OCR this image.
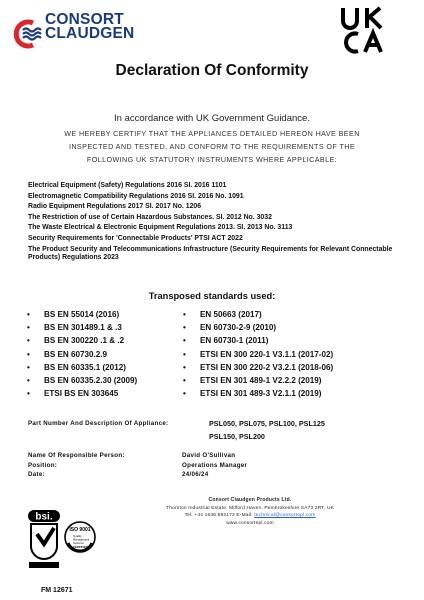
CONSORT
CLAUDGEN
Declaration Of Conformity
In accordance with UK Government Guidance.
WE HEREBY CERTIFY THAT THE APPLIANCES DETAILED HEREON HAVE BEEN
INSPECTED AND TESTED, AND CONFORM TO THE REQUIREMENTS OF THE
FOLLOWING UK STATUTORY INSTRUMENTS WHERE APPLICABLE:
Electrical Equipment (Safety) Regulations 2016 SI. 2016 1101
Electromagnetic Compatibility Regulations 2016 SI. 2016 No. 1091
Radio Equipment Regulations 2017 SI. 2017 No. 1206
The Restriction of use of Certain Hazardous Substances. SI. 2012 No. 3032
The Waste Electrical & Electronic Equipment Regulations 2013. SI. 2013 No. 3113
Security Requirements for 'Connectable Products' PTSI ACT 2022
The Product Security and Telecommunications Infrastructure (Security Requirements for Relevant Connectable Products) Regulations 2023
Transposed standards used:
• BS EN 55014 (2016)
• BS EN 301489.1 & .3
• BS EN 300220 .1 & .2
• BS EN 60730.2.9
• BS EN 60335.1 (2012)
• BS EN 60335.2.30 (2009)
• ETSI BS EN 303645
• EN 50663 (2017)
• EN 60730-2-9 (2010)
• EN 60730-1 (2011)
• ETSI EN 300 220-1 V3.1.1 (2017-02)
• ETSI EN 300 220-2 V3.2.1 (2018-06)
• ETSI EN 301 489-1 V2.2.2 (2019)
• ETSI EN 301 489-3 V2.1.1 (2019)
Part Number And Description Of Appliance:	PSL050, PSL075, PSL100, PSL125
PSL150, PSL200
Name Of Responsible Person:
Position:
Date:
David O'Sullivan
Operations Manager
24/06/24
Consort Claudgen Products Ltd.
Thornton Industrial Estate, Milford Haven, Pembrokeshire SA73 2RT, UK
Tel: +44 1646 692172 E-Mail: technical@consortepl.com
www.consortepl.com
bsi.
ISO 9001
Quality
Management
Systems
CERTIFIED
FM 12671
